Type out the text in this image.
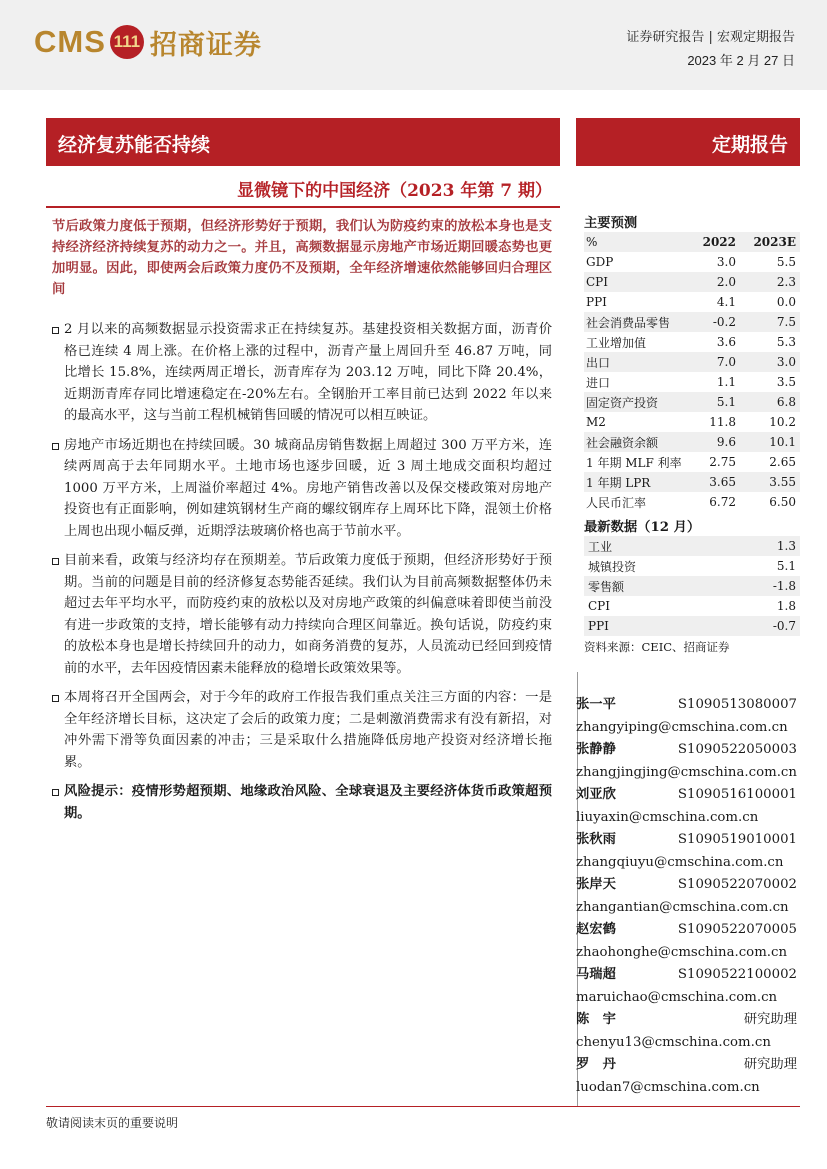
CMS 111 招商证券	证券研究报告 | 宏观定期报告
2023 年 2 月 27 日
经济复苏能否持续	定期报告
显微镜下的中国经济（2023 年第 7 期）
节后政策力度低于预期，但经济形势好于预期，我们认为防疫约束的放松本身也是支持经济经济持续复苏的动力之一。并且，高频数据显示房地产市场近期回暖态势也更加明显。因此，即使两会后政策力度仍不及预期，全年经济增速依然能够回归合理区间
2 月以来的高频数据显示投资需求正在持续复苏。基建投资相关数据方面，沥青价格已连续 4 周上涨。在价格上涨的过程中，沥青产量上周回升至 46.87 万吨，同比增长 15.8%，连续两周正增长，沥青库存为 203.12 万吨，同比下降 20.4%，近期沥青库存同比增速稳定在-20%左右。全钢胎开工率目前已达到 2022 年以来的最高水平，这与当前工程机械销售回暖的情况可以相互映证。
房地产市场近期也在持续回暖。30 城商品房销售数据上周超过 300 万平方米，连续两周高于去年同期水平。土地市场也逐步回暖，近 3 周土地成交面积均超过 1000 万平方米，上周溢价率超过 4%。房地产销售改善以及保交楼政策对房地产投资也有正面影响，例如建筑钢材生产商的螺纹钢库存上周环比下降，混领土价格上周也出现小幅反弹，近期浮法玻璃价格也高于节前水平。
目前来看，政策与经济均存在预期差。节后政策力度低于预期，但经济形势好于预期。当前的问题是目前的经济修复态势能否延续。我们认为目前高频数据整体仍未超过去年平均水平，而防疫约束的放松以及对房地产政策的纠偏意味着即使当前没有进一步政策的支持，增长能够有动力持续向合理区间靠近。换句话说，防疫约束的放松本身也是增长持续回升的动力，如商务消费的复苏，人员流动已经回到疫情前的水平，去年因疫情因素未能释放的稳增长政策效果等。
本周将召开全国两会，对于今年的政府工作报告我们重点关注三方面的内容：一是全年经济增长目标，这决定了会后的政策力度；二是刺激消费需求有没有新招，对冲外需下滑等负面因素的冲击；三是采取什么措施降低房地产投资对经济增长拖累。
风险提示：疫情形势超预期、地缘政治风险、全球衰退及主要经济体货币政策超预期。
主要预测
%	2022	2023E
GDP	3.0	5.5
CPI	2.0	2.3
PPI	4.1	0.0
社会消费品零售	-0.2	7.5
工业增加值	3.6	5.3
出口	7.0	3.0
进口	1.1	3.5
固定资产投资	5.1	6.8
M2	11.8	10.2
社会融资余额	9.6	10.1
1 年期 MLF 利率	2.75	2.65
1 年期 LPR	3.65	3.55
人民币汇率	6.72	6.50
最新数据（12 月）
工业	1.3
城镇投资	5.1
零售额	-1.8
CPI	1.8
PPI	-0.7
资料来源：CEIC、招商证券
张一平	S1090513080007
zhangyiping@cmschina.com.cn
张静静	S1090522050003
zhangjingjing@cmschina.com.cn
刘亚欣	S1090516100001
liuyaxin@cmschina.com.cn
张秋雨	S1090519010001
zhangqiuyu@cmschina.com.cn
张岸天	S1090522070002
zhangantian@cmschina.com.cn
赵宏鹤	S1090522070005
zhaohonghe@cmschina.com.cn
马瑞超	S1090522100002
maruichao@cmschina.com.cn
陈　宇	研究助理
chenyu13@cmschina.com.cn
罗　丹	研究助理
luodan7@cmschina.com.cn
敬请阅读末页的重要说明
